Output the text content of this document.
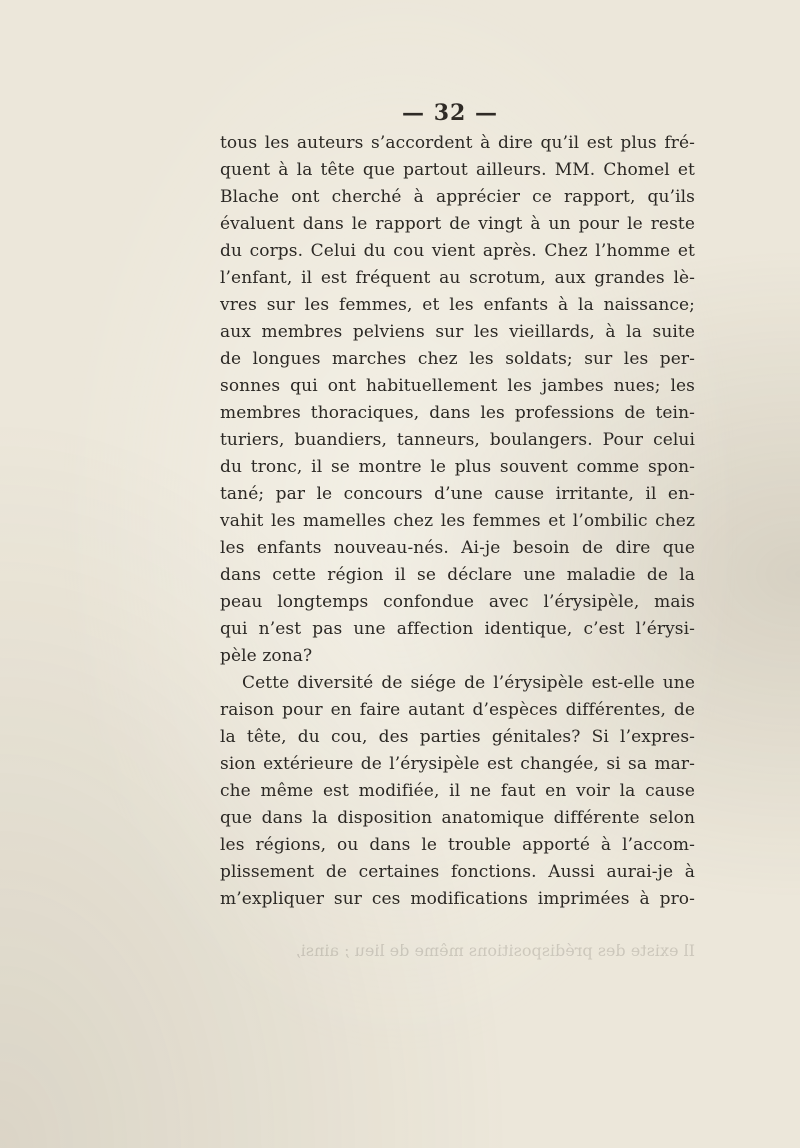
— 32 —
tous les auteurs s’accordent à dire qu’il est plus fré-
quent à la tête que partout ailleurs. MM. Chomel et
Blache ont cherché à apprécier ce rapport, qu’ils
évaluent dans le rapport de vingt à un pour le reste
du corps. Celui du cou vient après. Chez l’homme et
l’enfant, il est fréquent au scrotum, aux grandes lè-
vres sur les femmes, et les enfants à la naissance;
aux membres pelviens sur les vieillards, à la suite
de longues marches chez les soldats; sur les per-
sonnes qui ont habituellement les jambes nues; les
membres thoraciques, dans les professions de tein-
turiers, buandiers, tanneurs, boulangers. Pour celui
du tronc, il se montre le plus souvent comme spon-
tané; par le concours d’une cause irritante, il en-
vahit les mamelles chez les femmes et l’ombilic chez
les enfants nouveau-nés. Ai-je besoin de dire que
dans cette région il se déclare une maladie de la
peau longtemps confondue avec l’érysipèle, mais
qui n’est pas une affection identique, c’est l’érysi-
pèle zona?
Cette diversité de siége de l’érysipèle est-elle une
raison pour en faire autant d’espèces différentes, de
la tête, du cou, des parties génitales? Si l’expres-
sion extérieure de l’érysipèle est changée, si sa mar-
che même est modifiée, il ne faut en voir la cause
que dans la disposition anatomique différente selon
les régions, ou dans le trouble apporté à l’accom-
plissement de certaines fonctions. Aussi aurai-je à
m’expliquer sur ces modifications imprimées à pro-
Il existe des prédispositions même de lieu ; ainsi,
